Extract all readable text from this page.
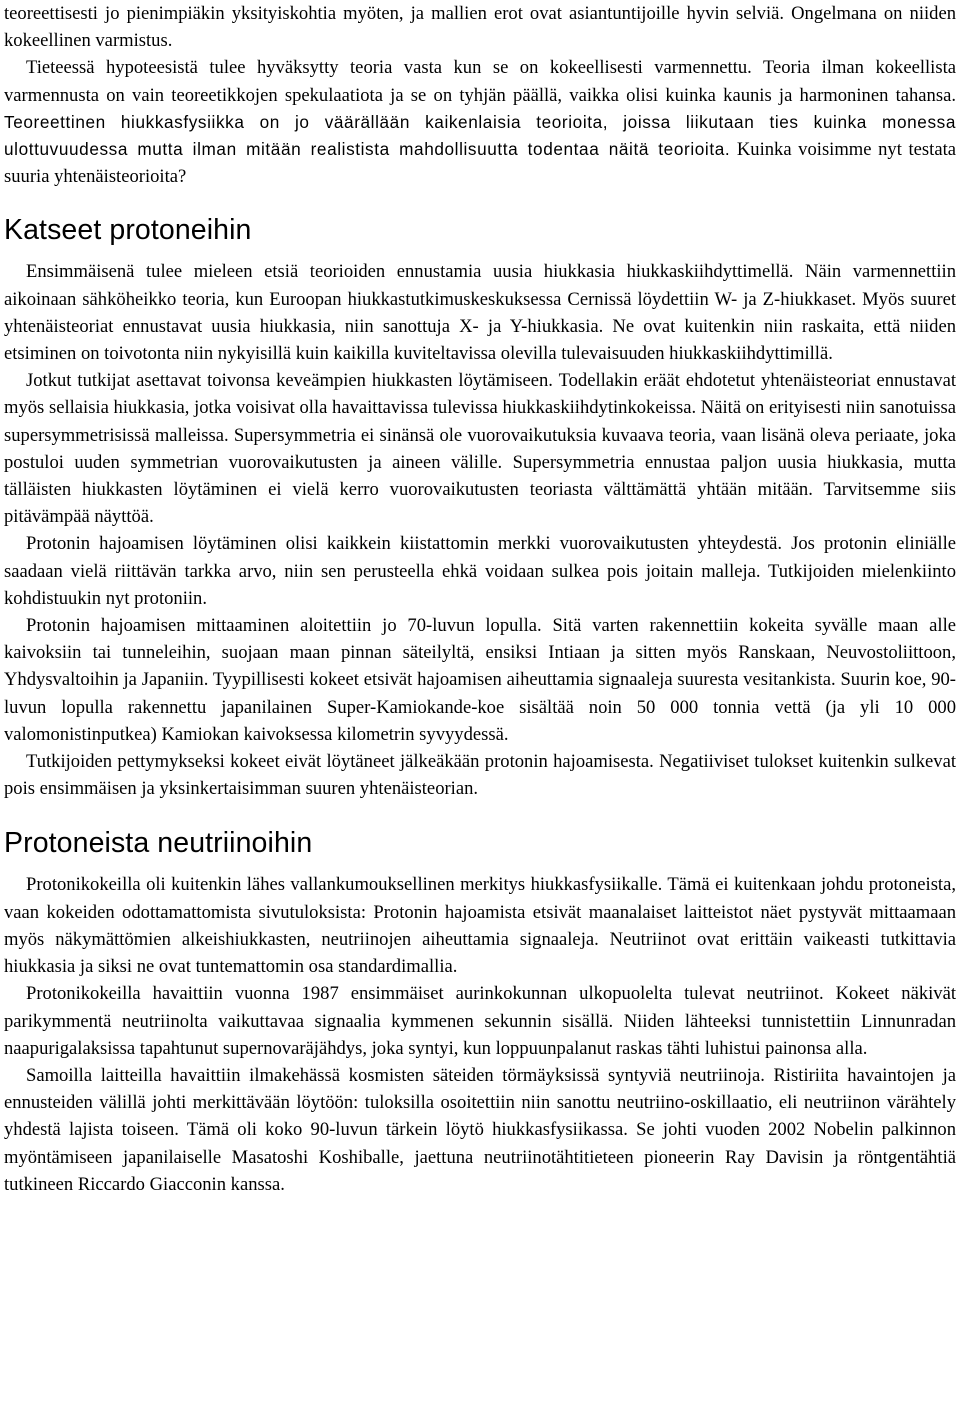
teoreettisesti jo pienimpiäkin yksityiskohtia myöten, ja mallien erot ovat asiantuntijoille hyvin selviä. Ongelmana on niiden kokeellinen varmistus.

Tieteessä hypoteesistä tulee hyväksytty teoria vasta kun se on kokeellisesti varmennettu. Teoria ilman kokeellista varmennusta on vain teoreetikkojen spekulaatiota ja se on tyhjän päällä, vaikka olisi kuinka kaunis ja harmoninen tahansa. Teoreettinen hiukkasfysiikka on jo väärällään kaikenlaisia teorioita, joissa liikutaan ties kuinka monessa ulottuvuudessa mutta ilman mitään realistista mahdollisuutta todentaa näitä teorioita. Kuinka voisimme nyt testata suuria yhtenäisteorioita?

Katseet protoneihin

Ensimmäisenä tulee mieleen etsiä teorioiden ennustamia uusia hiukkasia hiukkaskiihdyttimellä. Näin varmennettiin aikoinaan sähköheikko teoria, kun Euroopan hiukkastutkimuskeskuksessa Cernissä löydettiin W- ja Z-hiukkaset. Myös suuret yhtenäisteoriat ennustavat uusia hiukkasia, niin sanottuja X- ja Y-hiukkasia. Ne ovat kuitenkin niin raskaita, että niiden etsiminen on toivotonta niin nykyisillä kuin kaikilla kuviteltavissa olevilla tulevaisuuden hiukkaskiihdyttimillä.

Jotkut tutkijat asettavat toivonsa keveämpien hiukkasten löytämiseen. Todellakin eräät ehdotetut yhtenäisteoriat ennustavat myös sellaisia hiukkasia, jotka voisivat olla havaittavissa tulevissa hiukkaskiihdytinkokeissa. Näitä on erityisesti niin sanotuissa supersymmetrisissä malleissa. Supersymmetria ei sinänsä ole vuorovaikutuksia kuvaava teoria, vaan lisänä oleva periaate, joka postuloi uuden symmetrian vuorovaikutusten ja aineen välille. Supersymmetria ennustaa paljon uusia hiukkasia, mutta tälläisten hiukkasten löytäminen ei vielä kerro vuorovaikutusten teoriasta välttämättä yhtään mitään. Tarvitsemme siis pitävämpää näyttöä.

Protonin hajoamisen löytäminen olisi kaikkein kiistattomin merkki vuorovaikutusten yhteydestä. Jos protonin eliniälle saadaan vielä riittävän tarkka arvo, niin sen perusteella ehkä voidaan sulkea pois joitain malleja. Tutkijoiden mielenkiinto kohdistuukin nyt protoniin.

Protonin hajoamisen mittaaminen aloitettiin jo 70-luvun lopulla. Sitä varten rakennettiin kokeita syvälle maan alle kaivoksiin tai tunneleihin, suojaan maan pinnan säteilyltä, ensiksi Intiaan ja sitten myös Ranskaan, Neuvostoliittoon, Yhdysvaltoihin ja Japaniin. Tyypillisesti kokeet etsivät hajoamisen aiheuttamia signaaleja suuresta vesitankista. Suurin koe, 90-luvun lopulla rakennettu japanilainen Super-Kamiokande-koe sisältää noin 50 000 tonnia vettä (ja yli 10 000 valomonistinputkea) Kamiokan kaivoksessa kilometrin syvyydessä.

Tutkijoiden pettymykseksi kokeet eivät löytäneet jälkeäkään protonin hajoamisesta. Negatiiviset tulokset kuitenkin sulkevat pois ensimmäisen ja yksinkertaisimman suuren yhtenäisteorian.

Protoneista neutriinoihin

Protonikokeilla oli kuitenkin lähes vallankumouksellinen merkitys hiukkasfysiikalle. Tämä ei kuitenkaan johdu protoneista, vaan kokeiden odottamattomista sivutuloksista: Protonin hajoamista etsivät maanalaiset laitteistot näet pystyvät mittaamaan myös näkymättömien alkeishiukkasten, neutriinojen aiheuttamia signaaleja. Neutriinot ovat erittäin vaikeasti tutkittavia hiukkasia ja siksi ne ovat tuntemattomin osa standardimallia.

Protonikokeilla havaittiin vuonna 1987 ensimmäiset aurinkokunnan ulkopuolelta tulevat neutriinot. Kokeet näkivät parikymmentä neutriinolta vaikuttavaa signaalia kymmenen sekunnin sisällä. Niiden lähteeksi tunnistettiin Linnunradan naapurigalaksissa tapahtunut supernovaräjähdys, joka syntyi, kun loppuunpalanut raskas tähti luhistui painonsa alla.

Samoilla laitteilla havaittiin ilmakehässä kosmisten säteiden törmäyksissä syntyviä neutriinoja. Ristiriita havaintojen ja ennusteiden välillä johti merkittävään löytöön: tuloksilla osoitettiin niin sanottu neutriino-oskillaatio, eli neutriinon värähtely yhdestä lajista toiseen. Tämä oli koko 90-luvun tärkein löytö hiukkasfysiikassa. Se johti vuoden 2002 Nobelin palkinnon myöntämiseen japanilaiselle Masatoshi Koshiballe, jaettuna neutriinotähtitieteen pioneerin Ray Davisin ja röntgentähtiä tutkineen Riccardo Giacconin kanssa.
